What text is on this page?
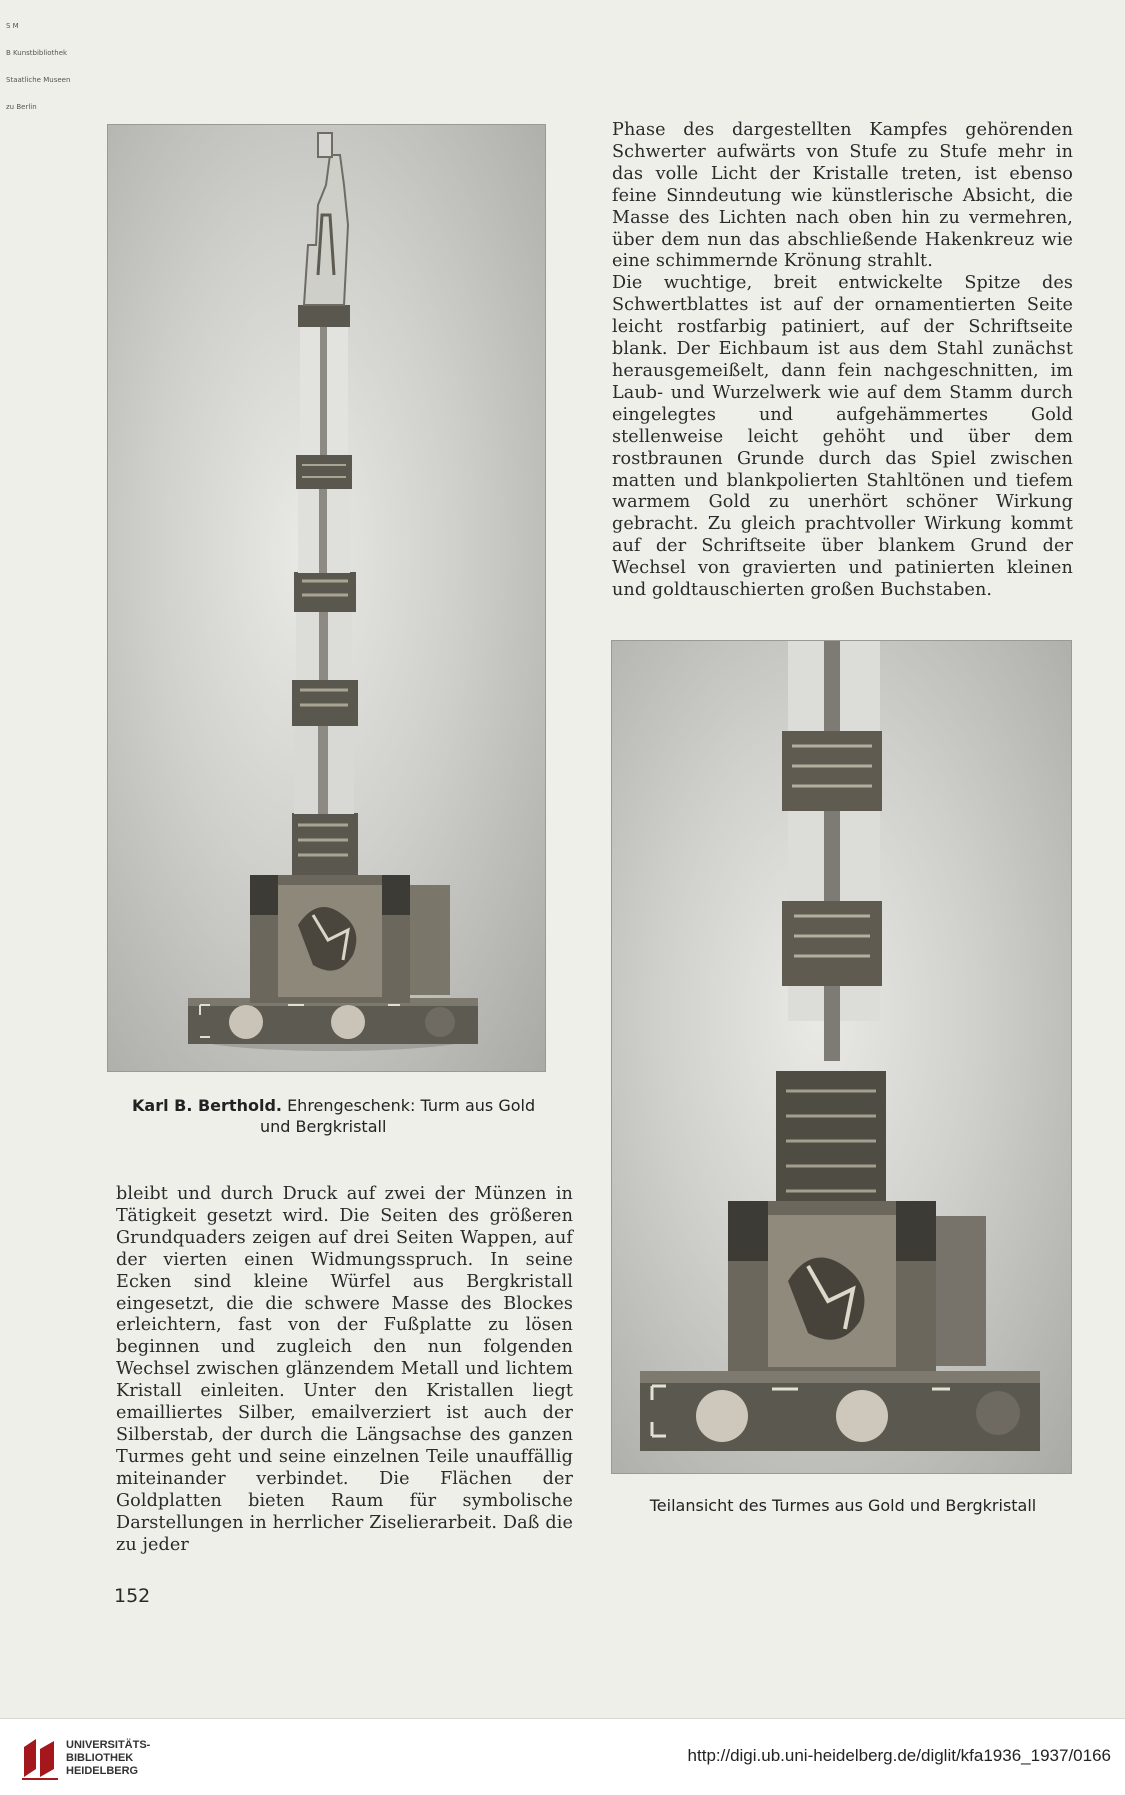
S M

B Kunstbibliothek

Staatliche Museen

zu Berlin

Karl B. Berthold. Ehrengeschenk: Turm aus Gold
und Bergkristall

Phase des dargestellten Kampfes gehörenden Schwerter aufwärts von Stufe zu Stufe mehr in das volle Licht der Kristalle treten, ist ebenso feine Sinndeutung wie künstlerische Absicht, die Masse des Lichten nach oben hin zu vermehren, über dem nun das abschließende Hakenkreuz wie eine schimmernde Krönung strahlt.

Die wuchtige, breit entwickelte Spitze des Schwertblattes ist auf der ornamentierten Seite leicht rostfarbig patiniert, auf der Schriftseite blank. Der Eichbaum ist aus dem Stahl zunächst herausgemeißelt, dann fein nachgeschnitten, im Laub- und Wurzelwerk wie auf dem Stamm durch eingelegtes und aufgehämmertes Gold stellenweise leicht gehöht und über dem rostbraunen Grunde durch das Spiel zwischen matten und blankpolierten Stahltönen und tiefem warmem Gold zu unerhört schöner Wirkung gebracht. Zu gleich prachtvoller Wirkung kommt auf der Schriftseite über blankem Grund der Wechsel von gravierten und patinierten kleinen und goldtauschierten großen Buchstaben.

Teilansicht des Turmes aus Gold und Bergkristall

bleibt und durch Druck auf zwei der Münzen in Tätigkeit gesetzt wird. Die Seiten des größeren Grundquaders zeigen auf drei Seiten Wappen, auf der vierten einen Widmungsspruch. In seine Ecken sind kleine Würfel aus Bergkristall eingesetzt, die die schwere Masse des Blockes erleichtern, fast von der Fußplatte zu lösen beginnen und zugleich den nun folgenden Wechsel zwischen glänzendem Metall und lichtem Kristall einleiten. Unter den Kristallen liegt emailliertes Silber, emailverziert ist auch der Silberstab, der durch die Längsachse des ganzen Turmes geht und seine einzelnen Teile unauffällig miteinander verbindet. Die Flächen der Goldplatten bieten Raum für symbolische Darstellungen in herrlicher Ziselierarbeit. Daß die zu jeder

152
UNIVERSITÄTS-
BIBLIOTHEK
HEIDELBERG
http://digi.ub.uni-heidelberg.de/diglit/kfa1936_1937/0166
